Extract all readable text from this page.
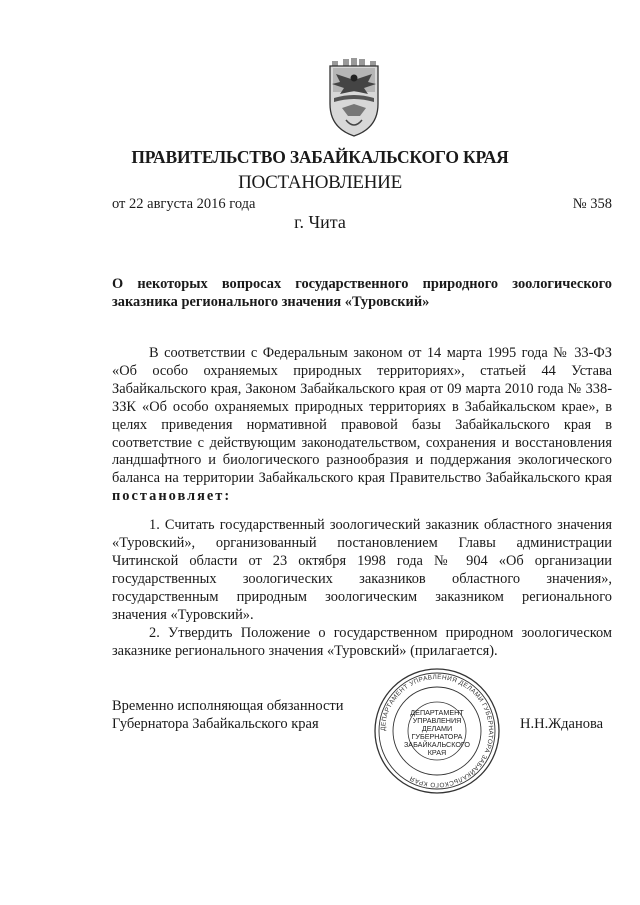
ПРАВИТЕЛЬСТВО ЗАБАЙКАЛЬСКОГО КРАЯ
ПОСТАНОВЛЕНИЕ
от 22 августа 2016 года	№ 358
г. Чита
О некоторых вопросах государственного природного зоологического заказника регионального значения «Туровский»

В соответствии с Федеральным законом от 14 марта 1995 года № 33-ФЗ «Об особо охраняемых природных территориях», статьей 44 Устава Забайкальского края, Законом Забайкальского края от 09 марта 2010 года № 338-ЗЗК «Об особо охраняемых природных территориях в Забайкальском крае», в целях приведения нормативной правовой базы Забайкальского края в соответствие с действующим законодательством, сохранения и восстановления ландшафтного и биологического разнообразия и поддержания экологического баланса на территории Забайкальского края Правительство Забайкальского края постановляет:

1. Считать государственный зоологический заказник областного значения «Туровский», организованный постановлением Главы администрации Читинской области от 23 октября 1998 года № 904 «Об организации государственных зоологических заказников областного значения», государственным природным зоологическим заказником регионального значения «Туровский».

2. Утвердить Положение о государственном природном зоологическом заказнике регионального значения «Туровский» (прилагается).

Временно исполняющая обязанности
Губернатора Забайкальского края	Н.Н.Жданова
ДЕПАРТАМЕНТ УПРАВЛЕНИЯ ДЕЛАМИ ГУБЕРНАТОРА ЗАБАЙКАЛЬСКОГО КРАЯ
ДЕПАРТАМЕНТ УПРАВЛЕНИЯ ДЕЛАМИ ГУБЕРНАТОРА ЗАБАЙКАЛЬСКОГО КРАЯ
